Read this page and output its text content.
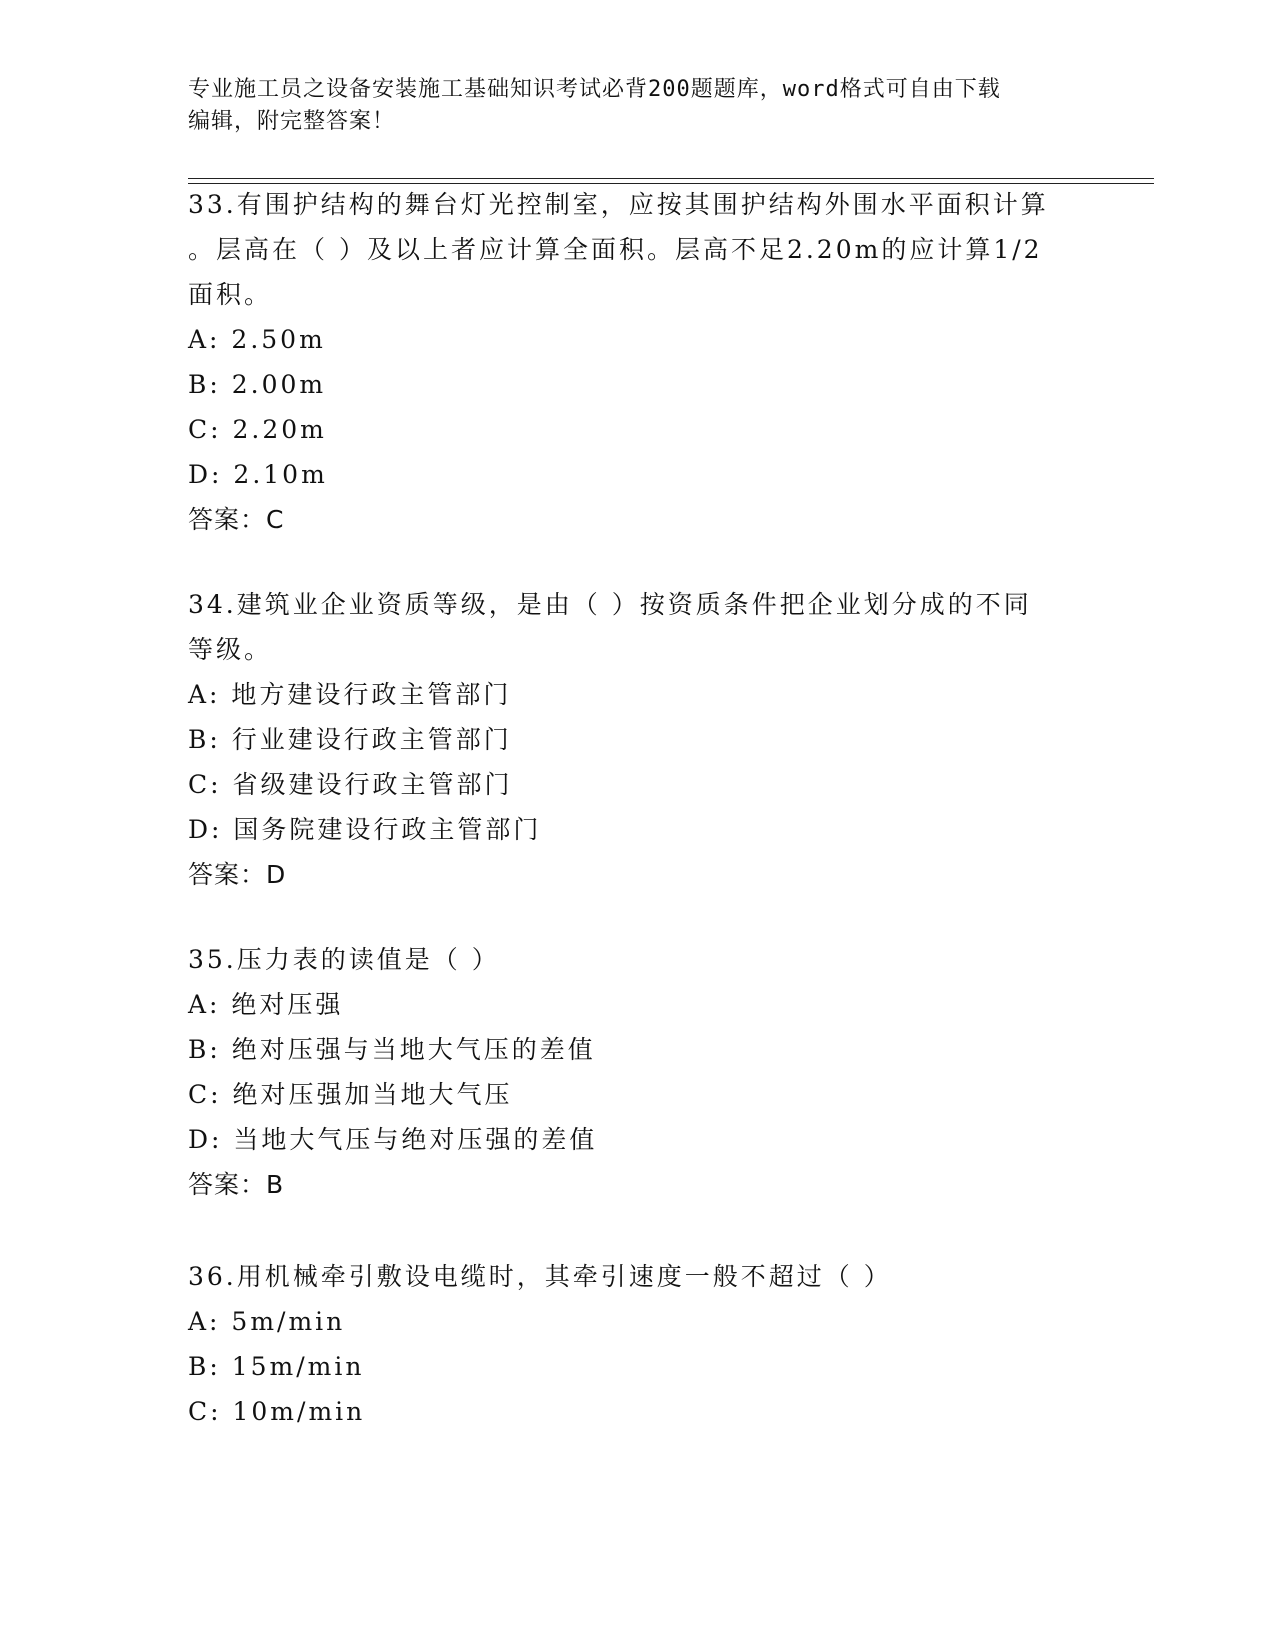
专业施工员之设备安装施工基础知识考试必背200题题库，word格式可自由下载
编辑，附完整答案！
33.有围护结构的舞台灯光控制室，应按其围护结构外围水平面积计算
。层高在（ ）及以上者应计算全面积。层高不足2.20m的应计算1/2
面积。
A: 2.50m
B: 2.00m
C: 2.20m
D: 2.10m
答案：C
34.建筑业企业资质等级，是由（ ）按资质条件把企业划分成的不同
等级。
A: 地方建设行政主管部门
B: 行业建设行政主管部门
C: 省级建设行政主管部门
D: 国务院建设行政主管部门
答案：D
35.压力表的读值是（ ）
A: 绝对压强
B: 绝对压强与当地大气压的差值
C: 绝对压强加当地大气压
D: 当地大气压与绝对压强的差值
答案：B
36.用机械牵引敷设电缆时，其牵引速度一般不超过（ ）
A: 5m/min
B: 15m/min
C: 10m/min
